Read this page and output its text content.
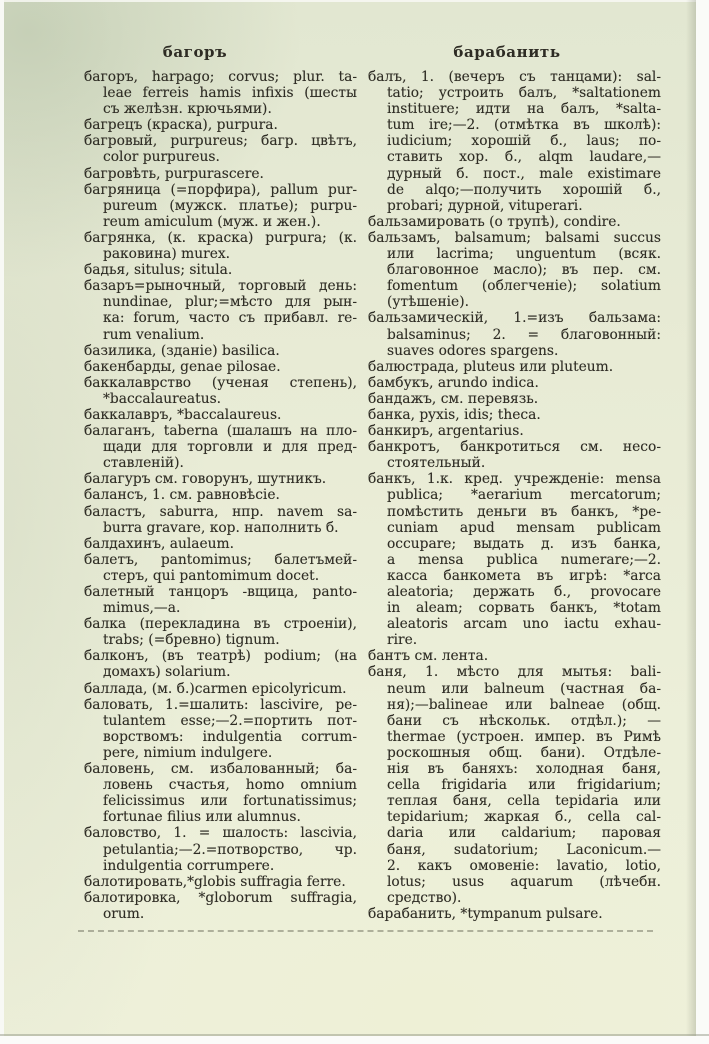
багоръ	барабанить
багоръ, harpago; corvus; plur. ta-
leae ferreis hamis infixis (шесты
съ желѣзн. крючьями).
багрецъ (краска), purpura.
багровый, purpureus; багр. цвѣтъ,
color purpureus.
багровѣть, purpurascere.
багряница (=порфира), pallum pur-
pureum (мужск. платье); purpu-
reum amiculum (муж. и жен.).
багрянка, (к. краска) purpura; (к.
раковина) murex.
бадья, situlus; situla.
базаръ=рыночный, торговый день:
nundinae, plur;=мѣсто для рын-
ка: forum, часто съ прибавл. re-
rum venalium.
базилика, (зданіе) basilica.
бакенбарды, genae pilosae.
баккалаврство (ученая степень),
*baccalaureatus.
баккалавръ, *baccalaureus.
балаганъ, taberna (шалашъ на пло-
щади для торговли и для пред-
ставленій).
балагуръ см. говорунъ, шутникъ.
балансъ, 1. см. равновѣсіе.
баластъ, saburra, нпр. navem sa-
burra gravare, кор. наполнить б.
балдахинъ, aulaeum.
балетъ, pantomimus; балетъмей-
стеръ, qui pantomimum docet.
балетный танцоръ -вщица, panto-
mimus,—a.
балка (перекладина въ строеніи),
trabs; (=бревно) tignum.
балконъ, (въ театрѣ) podium; (на
домахъ) solarium.
баллада, (м. б.)carmen epicolyricum.
баловать, 1.=шалить: lascivire, pe-
tulantem esse;—2.=портить пот-
ворствомъ: indulgentia corrum-
pere, nimium indulgere.
баловень, см. избалованный; ба-
ловень счастья, homo omnium
felicissimus или fortunatissimus;
fortunae filius или alumnus.
баловство, 1. = шалость: lascivia,
petulantia;—2.=потворство, чр.
indulgentia corrumpere.
балотировать,*globis suffragia ferre.
балотировка, *globorum suffragia,
orum.
балъ, 1. (вечеръ съ танцами): sal-
tatio; устроить балъ, *saltationem
instituere; идти на балъ, *salta-
tum ire;—2. (отмѣтка въ школѣ):
iudicium; хорошій б., laus; по-
ставить хор. б., alqm laudare,—
дурный б. пост., male existimare
de alqo;—получить хорошій б.,
probari; дурной, vituperari.
бальзамировать (о трупѣ), condire.
бальзамъ, balsamum; balsami succus
или lacrima; unguentum (всяк.
благовонное масло); въ пер. см.
fomentum (облегченіе); solatium
(утѣшеніе).
бальзамическій, 1.=изъ бальзама:
balsaminus; 2. = благовонный:
suaves odores spargens.
балюстрада, pluteus или pluteum.
бамбукъ, arundo indica.
бандажъ, см. перевязь.
банка, pyxis, idis; theca.
банкиръ, argentarius.
банкротъ, банкротиться см. несо-
стоятельный.
банкъ, 1.к. кред. учрежденіе: mensa
publica; *aerarium mercatorum;
помѣстить деньги въ банкъ, *pe-
cuniam apud mensam publicam
occupare; выдать д. изъ банка,
a mensa publica numerare;—2.
касса банкомета въ игрѣ: *arca
aleatoria; держать б., provocare
in aleam; сорвать банкъ, *totam
aleatoris arcam uno iactu exhau-
rire.
бантъ см. лента.
баня, 1. мѣсто для мытья: bali-
neum или balneum (частная ба-
ня);—balineae или balneae (общ.
бани съ нѣскольк. отдѣл.); —
thermae (устроен. импер. въ Римѣ
роскошныя общ. бани). Отдѣле-
нія въ баняхъ: холодная баня,
cella frigidaria или frigidarium;
теплая баня, cella tepidaria или
tepidarium; жаркая б., cella cal-
daria или caldarium; паровая
баня, sudatorium; Laconicum.—
2. какъ омовеніе: lavatio, lotio,
lotus; usus aquarum (лѣчебн.
средство).
барабанить, *tympanum pulsare.
